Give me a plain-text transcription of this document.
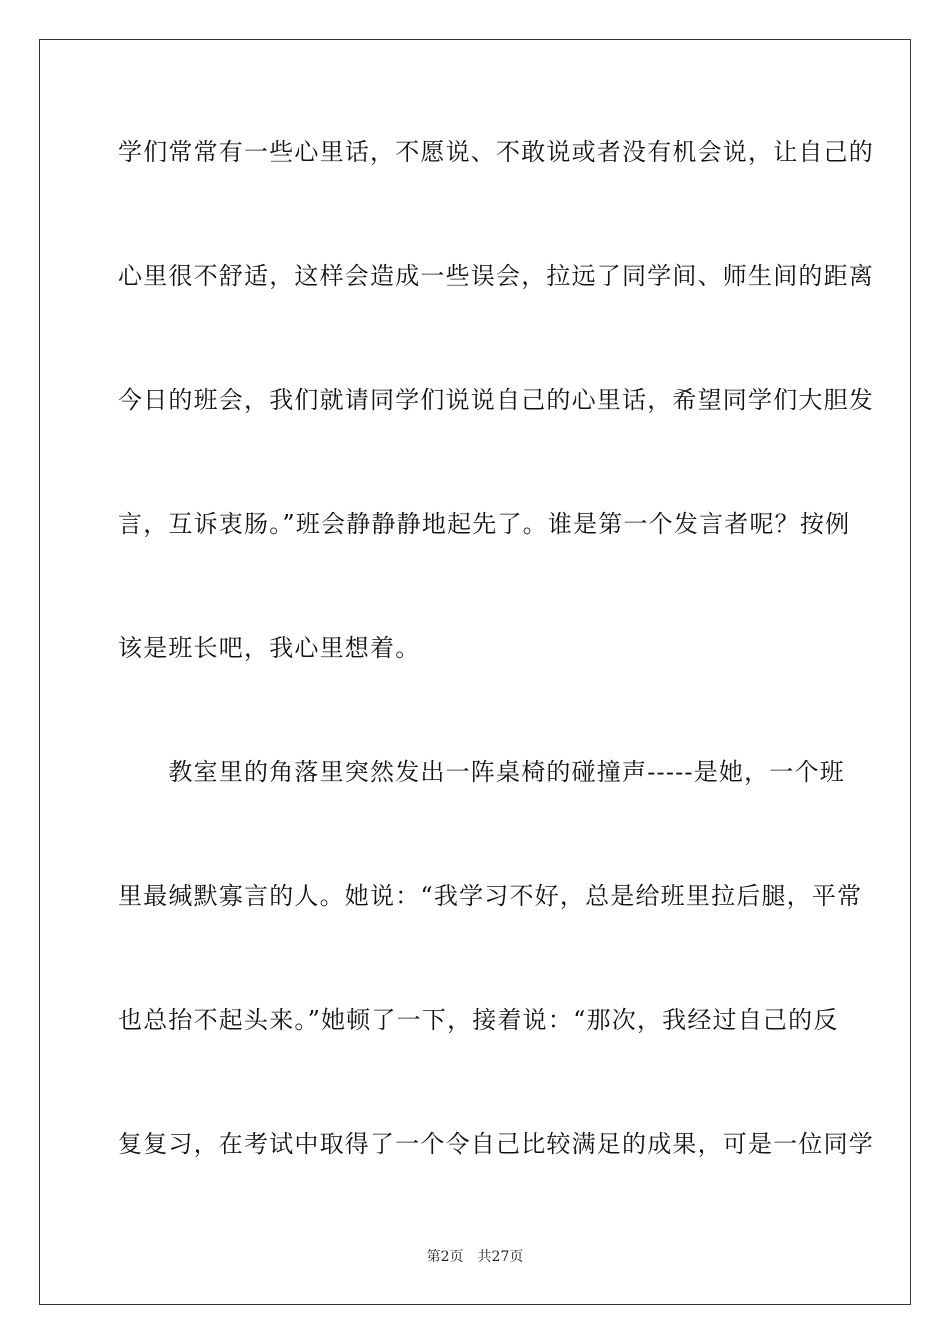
学们常常有一些心里话，不愿说、不敢说或者没有机会说，让自己的
心里很不舒适，这样会造成一些误会，拉远了同学间、师生间的距离
今日的班会，我们就请同学们说说自己的心里话，希望同学们大胆发
言，互诉衷肠。”班会静静静地起先了。谁是第一个发言者呢？按例
该是班长吧，我心里想着。
　　教室里的角落里突然发出一阵桌椅的碰撞声-----是她，一个班
里最缄默寡言的人。她说：“我学习不好，总是给班里拉后腿，平常
也总抬不起头来。”她顿了一下，接着说：“那次，我经过自己的反
复复习，在考试中取得了一个令自己比较满足的成果，可是一位同学
第2页　共27页
